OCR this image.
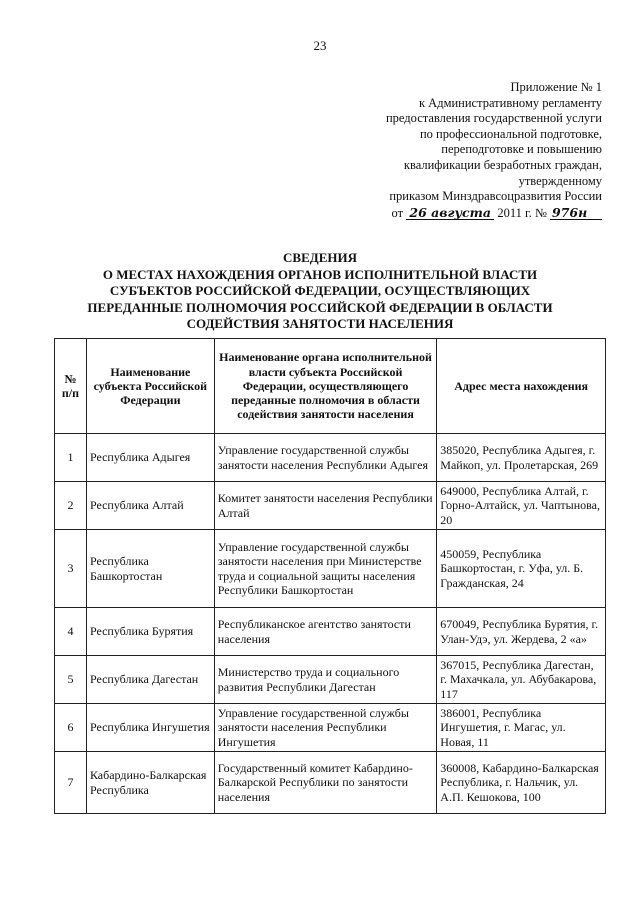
23
Приложение № 1
к Административному регламенту
предоставления государственной услуги
по профессиональной подготовке,
переподготовке и повышению
квалификации безработных граждан,
утвержденному
приказом Минздравсоцразвития России
от 26 августа 2011 г. № 976н
СВЕДЕНИЯ
О МЕСТАХ НАХОЖДЕНИЯ ОРГАНОВ ИСПОЛНИТЕЛЬНОЙ ВЛАСТИ
СУБЪЕКТОВ РОССИЙСКОЙ ФЕДЕРАЦИИ, ОСУЩЕСТВЛЯЮЩИХ
ПЕРЕДАННЫЕ ПОЛНОМОЧИЯ РОССИЙСКОЙ ФЕДЕРАЦИИ В ОБЛАСТИ
СОДЕЙСТВИЯ ЗАНЯТОСТИ НАСЕЛЕНИЯ
№ п/п	Наименование субъекта Российской Федерации	Наименование органа исполнительной власти субъекта Российской Федерации, осуществляющего переданные полномочия в области содействия занятости населения	Адрес места нахождения
1	Республика Адыгея	Управление государственной службы занятости населения Республики Адыгея	385020, Республика Адыгея, г. Майкоп, ул. Пролетарская, 269
2	Республика Алтай	Комитет занятости населения Республики Алтай	649000, Республика Алтай, г. Горно-Алтайск, ул. Чаптынова, 20
3	Республика Башкортостан	Управление государственной службы занятости населения при Министерстве труда и социальной защиты населения Республики Башкортостан	450059, Республика Башкортостан, г. Уфа, ул. Б. Гражданская, 24
4	Республика Бурятия	Республиканское агентство занятости населения	670049, Республика Бурятия, г. Улан-Удэ, ул. Жердева, 2 «а»
5	Республика Дагестан	Министерство труда и социального развития Республики Дагестан	367015, Республика Дагестан, г. Махачкала, ул. Абубакарова, 117
6	Республика Ингушетия	Управление государственной службы занятости населения Республики Ингушетия	386001, Республика Ингушетия, г. Магас, ул. Новая, 11
7	Кабардино-Балкарская Республика	Государственный комитет Кабардино-Балкарской Республики по занятости населения	360008, Кабардино-Балкарская Республика, г. Нальчик, ул. А.П. Кешокова, 100
